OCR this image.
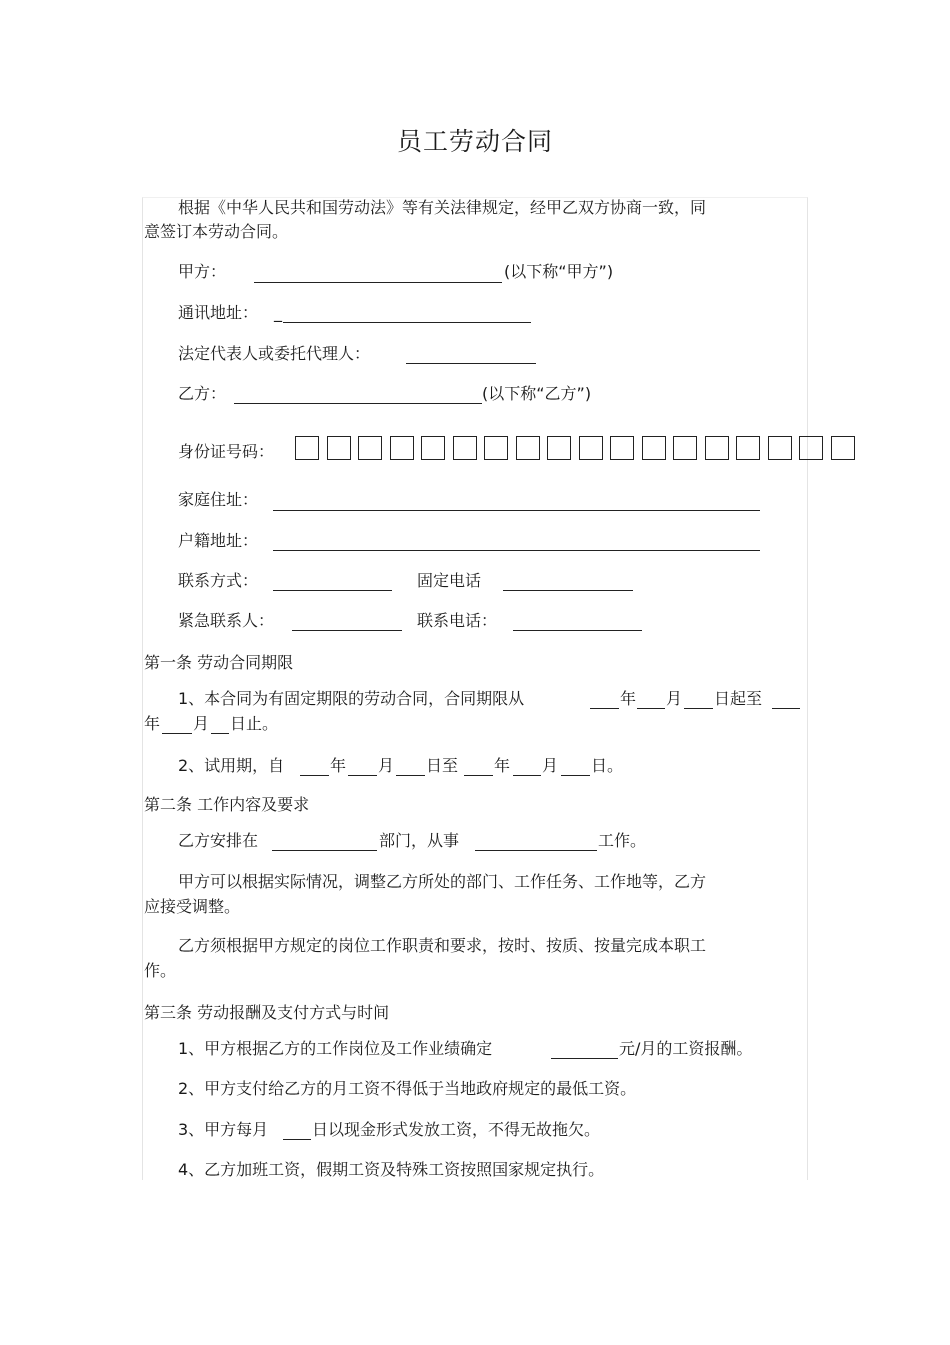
员工劳动合同
根据《中华人民共和国劳动法》等有关法律规定，经甲乙双方协商一致，同
意签订本劳动合同。
甲方：	(以下称“甲方”)
通讯地址： _
法定代表人或委托代理人：
乙方：	(以下称“乙方”)
身份证号码：
家庭住址：
户籍地址：
联系方式：	固定电话
紧急联系人：	联系电话：
第一条 劳动合同期限
1、本合同为有固定期限的劳动合同，合同期限从	年 月 日起至
年 月 日止。
2、试用期，自	年 月 日至 年 月 日。
第二条 工作内容及要求
乙方安排在	部门，从事	工作。
甲方可以根据实际情况，调整乙方所处的部门、工作任务、工作地等，乙方
应接受调整。
乙方须根据甲方规定的岗位工作职责和要求，按时、按质、按量完成本职工
作。
第三条 劳动报酬及支付方式与时间
1、甲方根据乙方的工作岗位及工作业绩确定	元/月的工资报酬。
2、甲方支付给乙方的月工资不得低于当地政府规定的最低工资。
3、甲方每月	日以现金形式发放工资，不得无故拖欠。
4、乙方加班工资，假期工资及特殊工资按照国家规定执行。
